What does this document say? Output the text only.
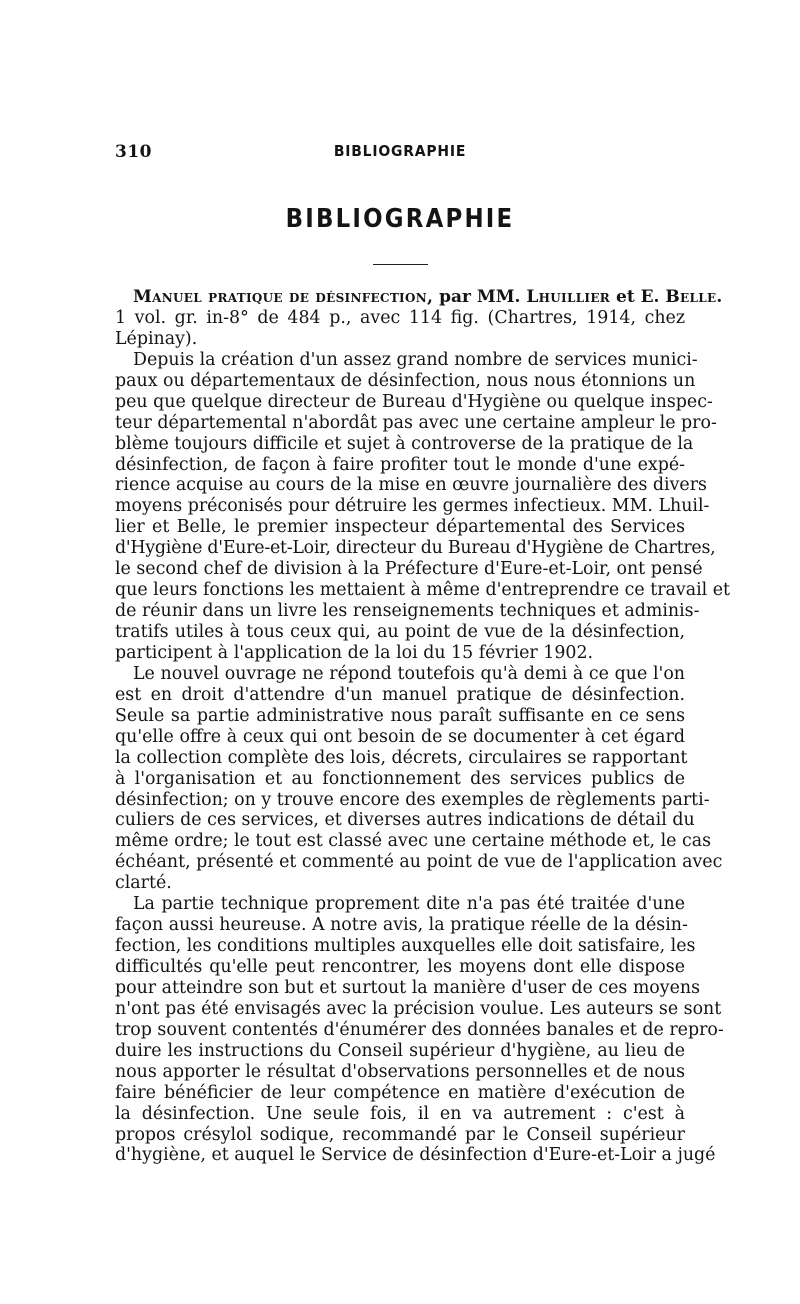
310	BIBLIOGRAPHIE
BIBLIOGRAPHIE
Manuel pratique de désinfection, par MM. Lhuillier et E. Belle.
1 vol. gr. in-8° de 484 p., avec 114 fig. (Chartres, 1914, chez
Lépinay).
Depuis la création d'un assez grand nombre de services munici-
paux ou départementaux de désinfection, nous nous étonnions un
peu que quelque directeur de Bureau d'Hygiène ou quelque inspec-
teur départemental n'abordât pas avec une certaine ampleur le pro-
blème toujours difficile et sujet à controverse de la pratique de la
désinfection, de façon à faire profiter tout le monde d'une expé-
rience acquise au cours de la mise en œuvre journalière des divers
moyens préconisés pour détruire les germes infectieux. MM. Lhuil-
lier et Belle, le premier inspecteur départemental des Services
d'Hygiène d'Eure-et-Loir, directeur du Bureau d'Hygiène de Chartres,
le second chef de division à la Préfecture d'Eure-et-Loir, ont pensé
que leurs fonctions les mettaient à même d'entreprendre ce travail et
de réunir dans un livre les renseignements techniques et adminis-
tratifs utiles à tous ceux qui, au point de vue de la désinfection,
participent à l'application de la loi du 15 février 1902.
Le nouvel ouvrage ne répond toutefois qu'à demi à ce que l'on
est en droit d'attendre d'un manuel pratique de désinfection.
Seule sa partie administrative nous paraît suffisante en ce sens
qu'elle offre à ceux qui ont besoin de se documenter à cet égard
la collection complète des lois, décrets, circulaires se rapportant
à l'organisation et au fonctionnement des services publics de
désinfection; on y trouve encore des exemples de règlements parti-
culiers de ces services, et diverses autres indications de détail du
même ordre; le tout est classé avec une certaine méthode et, le cas
échéant, présenté et commenté au point de vue de l'application avec
clarté.
La partie technique proprement dite n'a pas été traitée d'une
façon aussi heureuse. A notre avis, la pratique réelle de la désin-
fection, les conditions multiples auxquelles elle doit satisfaire, les
difficultés qu'elle peut rencontrer, les moyens dont elle dispose
pour atteindre son but et surtout la manière d'user de ces moyens
n'ont pas été envisagés avec la précision voulue. Les auteurs se sont
trop souvent contentés d'énumérer des données banales et de repro-
duire les instructions du Conseil supérieur d'hygiène, au lieu de
nous apporter le résultat d'observations personnelles et de nous
faire bénéficier de leur compétence en matière d'exécution de
la désinfection. Une seule fois, il en va autrement : c'est à
propos crésylol sodique, recommandé par le Conseil supérieur
d'hygiène, et auquel le Service de désinfection d'Eure-et-Loir a jugé
